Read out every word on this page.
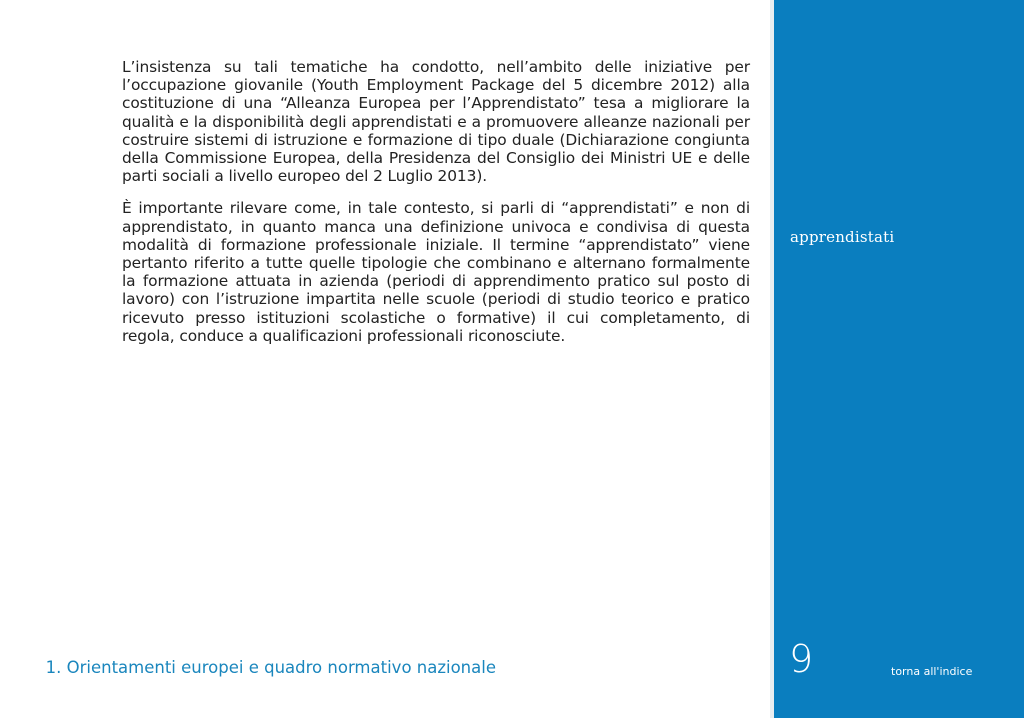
L’insistenza su tali tematiche ha condotto, nell’ambito delle iniziative per l’occupazione giovanile (Youth Employment Package del 5 dicembre 2012) alla costituzione di una “Alleanza Europea per l’Apprendistato” tesa a migliorare la qualità e la disponibilità degli apprendistati e a promuovere alleanze nazionali per costruire sistemi di istruzione e formazione di tipo duale (Dichiarazione congiunta della Commissione Europea, della Presidenza del Consiglio dei Ministri UE e delle parti sociali a livello europeo del 2 Luglio 2013).

È importante rilevare come, in tale contesto, si parli di “apprendistati” e non di apprendistato, in quanto manca una definizione univoca e condivisa di questa modalità di formazione professionale iniziale. Il termine “apprendistato” viene pertanto riferito a tutte quelle tipologie che combinano e alternano formalmente la formazione attuata in azienda (periodi di apprendimento pratico sul posto di lavoro) con l’istruzione impartita nelle scuole (periodi di studio teorico e pratico ricevuto presso istituzioni scolastiche o formative) il cui completamento, di regola, conduce a qualificazioni professionali riconosciute.

1. Orientamenti europei e quadro normativo nazionale
apprendistati
9	torna all'indice
